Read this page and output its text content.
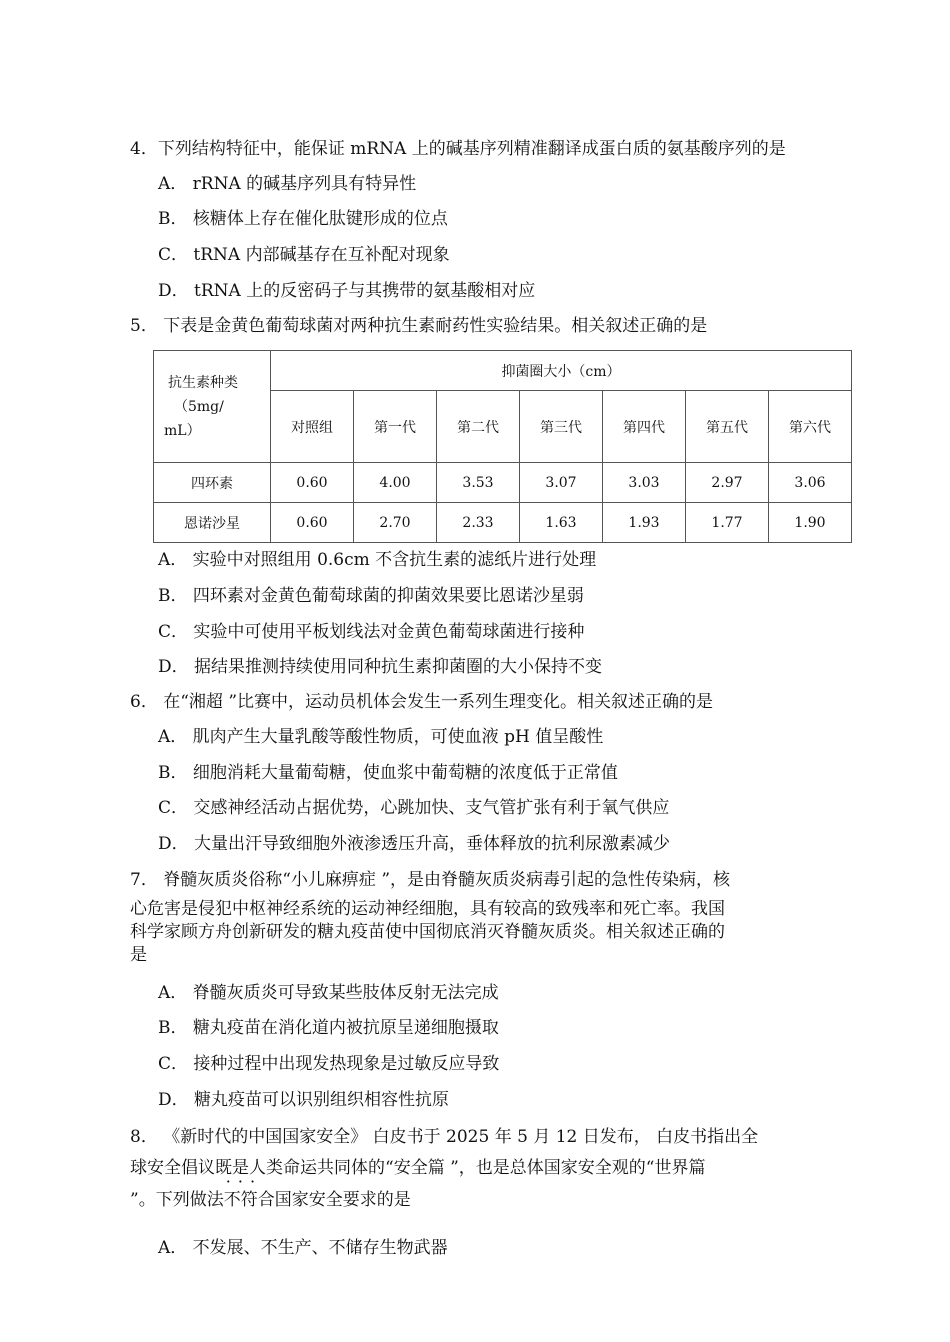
4．下列结构特征中，能保证 mRNA 上的碱基序列精准翻译成蛋白质的氨基酸序列的是
A． rRNA 的碱基序列具有特异性
B． 核糖体上存在催化肽键形成的位点
C． tRNA 内部碱基存在互补配对现象
D． tRNA 上的反密码子与其携带的氨基酸相对应
5． 下表是金黄色葡萄球菌对两种抗生素耐药性实验结果。相关叙述正确的是
抗生素种类
（5mg/
mL）	抑菌圈大小（cm）						
	对照组	第一代	第二代	第三代	第四代	第五代	第六代
四环素	0.60	4.00	3.53	3.07	3.03	2.97	3.06
恩诺沙星	0.60	2.70	2.33	1.63	1.93	1.77	1.90
A． 实验中对照组用 0.6cm 不含抗生素的滤纸片进行处理
B． 四环素对金黄色葡萄球菌的抑菌效果要比恩诺沙星弱
C． 实验中可使用平板划线法对金黄色葡萄球菌进行接种
D． 据结果推测持续使用同种抗生素抑菌圈的大小保持不变
6． 在“湘超 ”比赛中，运动员机体会发生一系列生理变化。相关叙述正确的是
A． 肌肉产生大量乳酸等酸性物质，可使血液 pH 值呈酸性
B． 细胞消耗大量葡萄糖，使血浆中葡萄糖的浓度低于正常值
C． 交感神经活动占据优势，心跳加快、支气管扩张有利于氧气供应
D． 大量出汗导致细胞外液渗透压升高，垂体释放的抗利尿激素减少
7． 脊髓灰质炎俗称“小儿麻痹症 ”，是由脊髓灰质炎病毒引起的急性传染病，核
心危害是侵犯中枢神经系统的运动神经细胞，具有较高的致残率和死亡率。我国
科学家顾方舟创新研发的糖丸疫苗使中国彻底消灭脊髓灰质炎。相关叙述正确的
是
A． 脊髓灰质炎可导致某些肢体反射无法完成
B． 糖丸疫苗在消化道内被抗原呈递细胞摄取
C． 接种过程中出现发热现象是过敏反应导致
D． 糖丸疫苗可以识别组织相容性抗原
8． 《新时代的中国国家安全》 白皮书于 2025 年 5 月 12 日发布， 白皮书指出全
球安全倡议既是人类命运共同体的“安全篇 ”，也是总体国家安全观的“世界篇
”。下列做法· · · 不符合国家安全要求的是
A． 不发展、不生产、不储存生物武器
